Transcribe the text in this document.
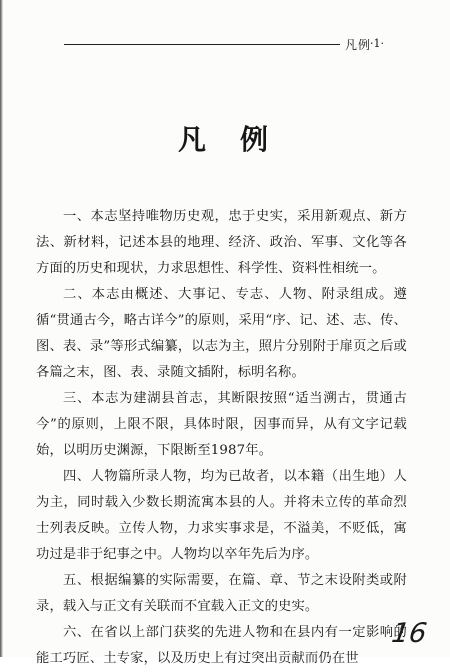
凡例
·1·
凡例

一、本志坚持唯物历史观，忠于史实，采用新观点、新方法、新材料，记述本县的地理、经济、政治、军事、文化等各方面的历史和现状，力求思想性、科学性、资料性相统一。

二、本志由概述、大事记、专志、人物、附录组成。遵循“贯通古今，略古详今”的原则，采用“序、记、述、志、传、图、表、录”等形式编纂，以志为主，照片分别附于扉页之后或各篇之末，图、表、录随文插附，标明名称。

三、本志为建湖县首志，其断限按照“适当溯古，贯通古今”的原则，上限不限，具体时限，因事而异，从有文字记载始，以明历史渊源，下限断至1987年。

四、人物篇所录人物，均为已故者，以本籍（出生地）人为主，同时载入少数长期流寓本县的人。并将未立传的革命烈士列表反映。立传人物，力求实事求是，不溢美，不贬低，寓功过是非于纪事之中。人物均以卒年先后为序。

五、根据编纂的实际需要，在篇、章、节之末设附类或附录，载入与正文有关联而不宜载入正文的史实。

六、在省以上部门获奖的先进人物和在县内有一定影响的能工巧匠、土专家，以及历史上有过突出贡献而仍在世

16
